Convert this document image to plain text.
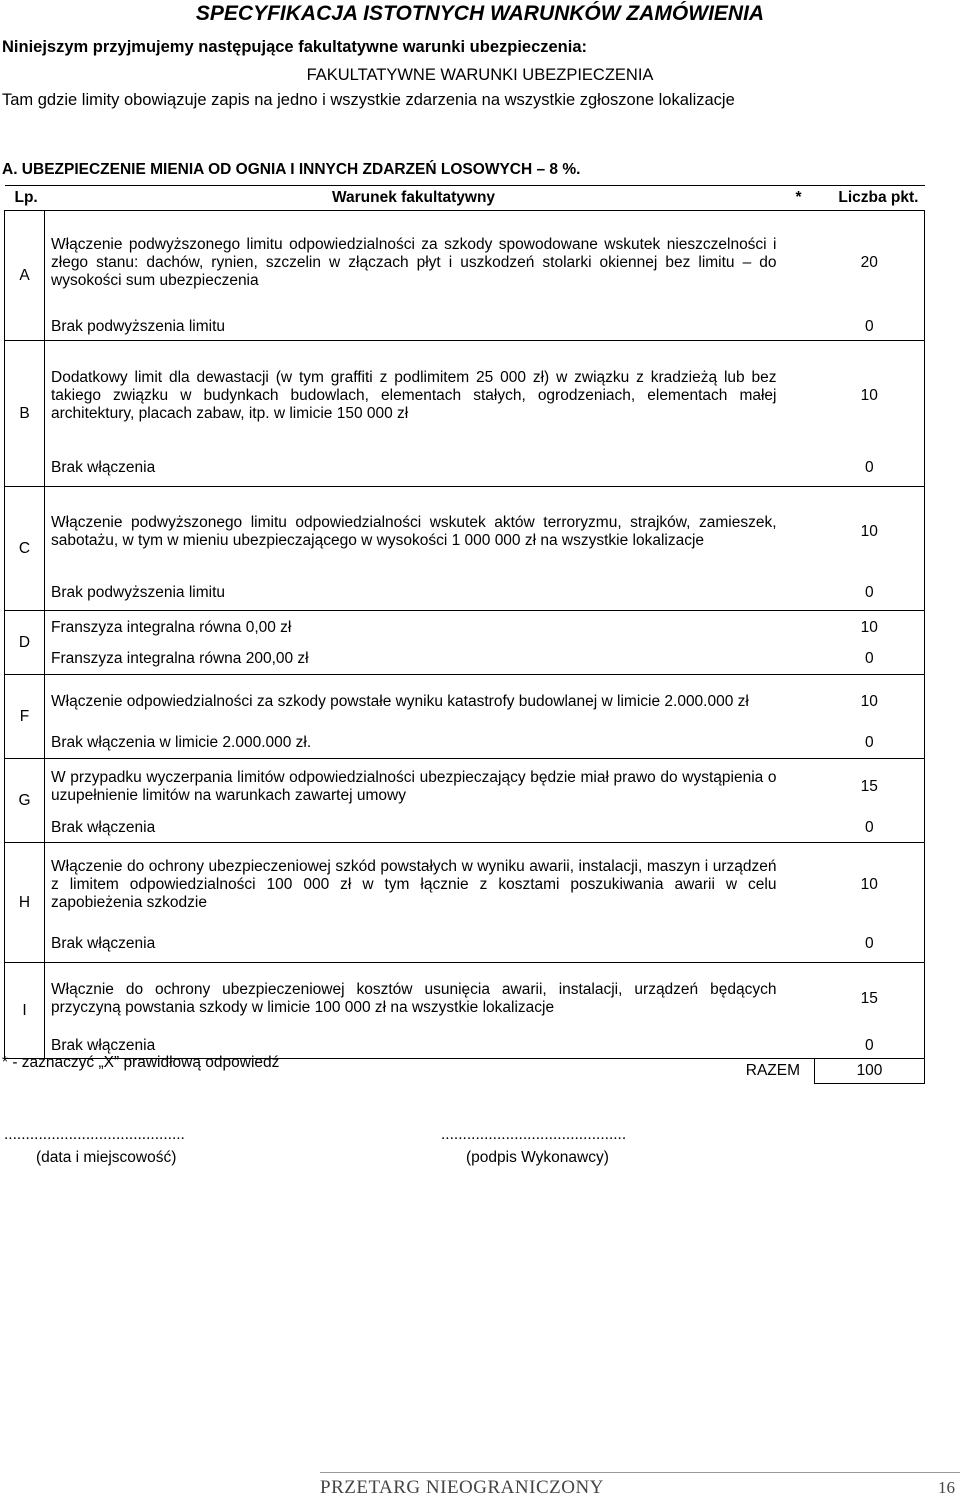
SPECYFIKACJA ISTOTNYCH WARUNKÓW ZAMÓWIENIA
Niniejszym przyjmujemy następujące fakultatywne warunki ubezpieczenia:
FAKULTATYWNE WARUNKI UBEZPIECZENIA
Tam gdzie limity obowiązuje zapis na jedno i wszystkie zdarzenia na wszystkie zgłoszone lokalizacje
A. UBEZPIECZENIE MIENIA OD OGNIA I INNYCH ZDARZEŃ LOSOWYCH – 8 %.
Lp.	Warunek fakultatywny	*	Liczba pkt.
A	Włączenie podwyższonego limitu odpowiedzialności za szkody spowodowane wskutek nieszczelności i złego stanu: dachów, rynien, szczelin w złączach płyt i uszkodzeń stolarki okiennej bez limitu – do wysokości sum ubezpieczenia		20
	Brak podwyższenia limitu		0
B	Dodatkowy limit dla dewastacji (w tym graffiti z podlimitem 25 000 zł) w związku z kradzieżą lub bez takiego związku w budynkach budowlach, elementach stałych, ogrodzeniach, elementach małej architektury, placach zabaw, itp. w limicie 150 000 zł		10
	Brak włączenia		0
C	Włączenie podwyższonego limitu odpowiedzialności wskutek aktów terroryzmu, strajków, zamieszek, sabotażu, w tym w mieniu ubezpieczającego w wysokości 1 000 000 zł na wszystkie lokalizacje		10
	Brak podwyższenia limitu		0
D	Franszyza integralna równa 0,00 zł		10
	Franszyza integralna równa 200,00 zł		0
F	Włączenie odpowiedzialności za szkody powstałe wyniku katastrofy budowlanej w limicie 2.000.000 zł		10
	Brak włączenia w limicie 2.000.000 zł.		0
G	W przypadku wyczerpania limitów odpowiedzialności ubezpieczający będzie miał prawo do wystąpienia o uzupełnienie limitów na warunkach zawartej umowy		15
	Brak włączenia		0
H	Włączenie do ochrony ubezpieczeniowej szkód powstałych w wyniku awarii, instalacji, maszyn i urządzeń z limitem odpowiedzialności 100 000 zł w tym łącznie z kosztami poszukiwania awarii w celu zapobieżenia szkodzie		10
	Brak włączenia		0
I	Włącznie do ochrony ubezpieczeniowej kosztów usunięcia awarii, instalacji, urządzeń będących przyczyną powstania szkody w limicie 100 000 zł na wszystkie lokalizacje		15
	Brak włączenia		0
RAZEM			100
* - zaznaczyć „X” prawidłową odpowiedź
..........................................
(data i miejscowość)
...........................................
(podpis Wykonawcy)
PRZETARG NIEOGRANICZONY	16
